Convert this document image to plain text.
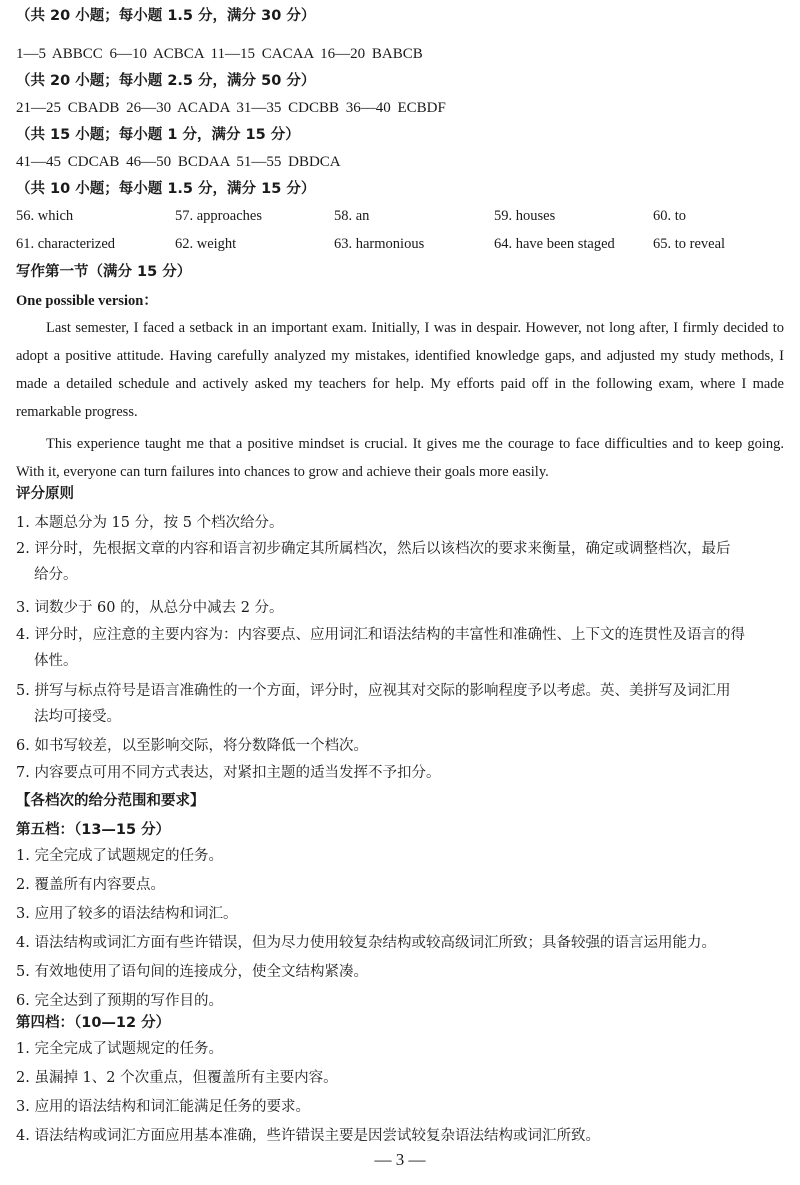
（共 20 小题；每小题 1.5 分，满分 30 分）
1—5 ABBCC 6—10 ACBCA 11—15 CACAA 16—20 BABCB
（共 20 小题；每小题 2.5 分，满分 50 分）
21—25 CBADB 26—30 ACADA 31—35 CDCBB 36—40 ECBDF
（共 15 小题；每小题 1 分，满分 15 分）
41—45 CDCAB 46—50 BCDAA 51—55 DBDCA
（共 10 小题；每小题 1.5 分，满分 15 分）
56. which	57. approaches	58. an	59. houses	60. to
61. characterized	62. weight	63. harmonious	64. have been staged	65. to reveal
写作第一节（满分 15 分）
One possible version：

Last semester, I faced a setback in an important exam. Initially, I was in despair. However, not long after, I firmly decided to adopt a positive attitude. Having carefully analyzed my mistakes, identified knowledge gaps, and adjusted my study methods, I made a detailed schedule and actively asked my teachers for help. My efforts paid off in the following exam, where I made remarkable progress.

This experience taught me that a positive mindset is crucial. It gives me the courage to face difficulties and to keep going. With it, everyone can turn failures into chances to grow and achieve their goals more easily.

评分原则
1. 本题总分为 15 分，按 5 个档次给分。
2. 评分时，先根据文章的内容和语言初步确定其所属档次，然后以该档次的要求来衡量，确定或调整档次，最后
给分。
3. 词数少于 60 的，从总分中减去 2 分。
4. 评分时，应注意的主要内容为：内容要点、应用词汇和语法结构的丰富性和准确性、上下文的连贯性及语言的得
体性。
5. 拼写与标点符号是语言准确性的一个方面，评分时，应视其对交际的影响程度予以考虑。英、美拼写及词汇用
法均可接受。
6. 如书写较差，以至影响交际，将分数降低一个档次。
7. 内容要点可用不同方式表达，对紧扣主题的适当发挥不予扣分。
【各档次的给分范围和要求】
第五档：（13—15 分）
1. 完全完成了试题规定的任务。
2. 覆盖所有内容要点。
3. 应用了较多的语法结构和词汇。
4. 语法结构或词汇方面有些许错误，但为尽力使用较复杂结构或较高级词汇所致；具备较强的语言运用能力。
5. 有效地使用了语句间的连接成分，使全文结构紧凑。
6. 完全达到了预期的写作目的。
第四档：（10—12 分）
1. 完全完成了试题规定的任务。
2. 虽漏掉 1、2 个次重点，但覆盖所有主要内容。
3. 应用的语法结构和词汇能满足任务的要求。
4. 语法结构或词汇方面应用基本准确，些许错误主要是因尝试较复杂语法结构或词汇所致。
— 3 —
